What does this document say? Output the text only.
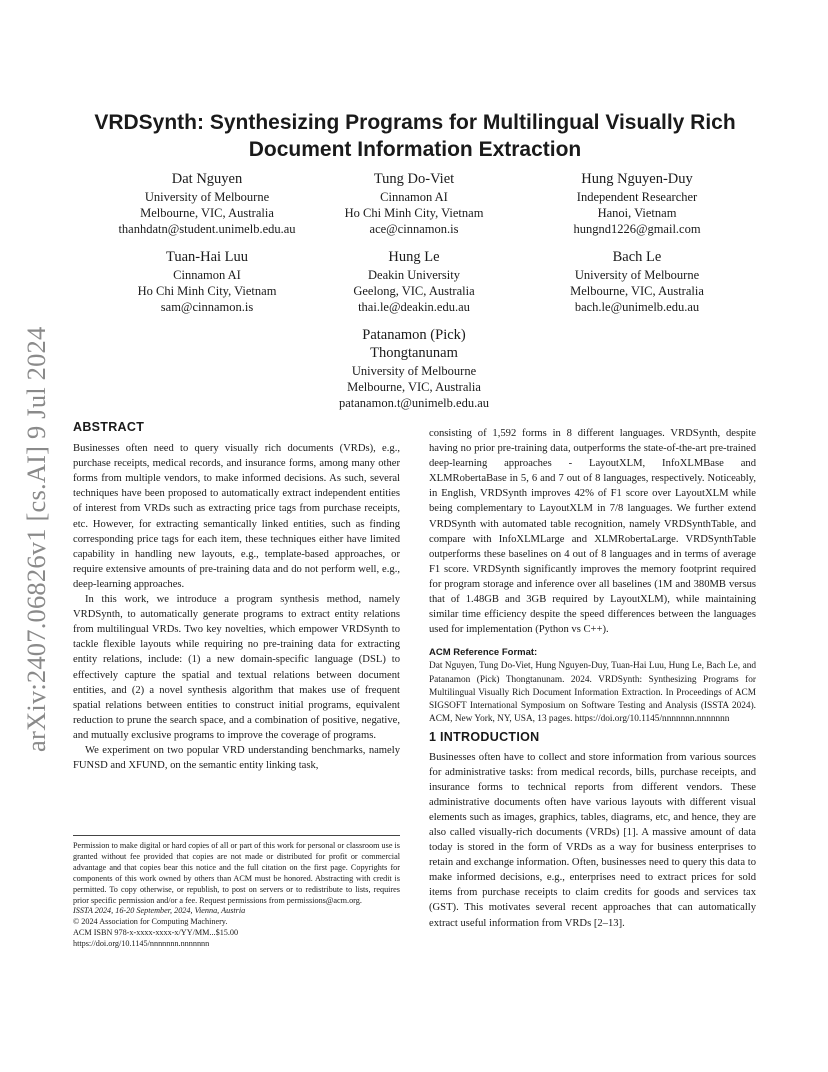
arXiv:2407.06826v1 [cs.AI] 9 Jul 2024
VRDSynth: Synthesizing Programs for Multilingual Visually Rich
Document Information Extraction
Dat Nguyen
University of Melbourne
Melbourne, VIC, Australia
thanhdatn@student.unimelb.edu.au
Tung Do-Viet
Cinnamon AI
Ho Chi Minh City, Vietnam
ace@cinnamon.is
Hung Nguyen-Duy
Independent Researcher
Hanoi, Vietnam
hungnd1226@gmail.com
Tuan-Hai Luu
Cinnamon AI
Ho Chi Minh City, Vietnam
sam@cinnamon.is
Hung Le
Deakin University
Geelong, VIC, Australia
thai.le@deakin.edu.au
Bach Le
University of Melbourne
Melbourne, VIC, Australia
bach.le@unimelb.edu.au
Patanamon (Pick)
Thongtanunam
University of Melbourne
Melbourne, VIC, Australia
patanamon.t@unimelb.edu.au
ABSTRACT

Businesses often need to query visually rich documents (VRDs), e.g., purchase receipts, medical records, and insurance forms, among many other forms from multiple vendors, to make informed decisions. As such, several techniques have been proposed to automatically extract independent entities of interest from VRDs such as extracting price tags from purchase receipts, etc. However, for extracting semantically linked entities, such as finding corresponding price tags for each item, these techniques either have limited capability in handling new layouts, e.g., template-based approaches, or require extensive amounts of pre-training data and do not perform well, e.g., deep-learning approaches.

In this work, we introduce a program synthesis method, namely VRDSynth, to automatically generate programs to extract entity relations from multilingual VRDs. Two key novelties, which empower VRDSynth to tackle flexible layouts while requiring no pre-training data for extracting entity relations, include: (1) a new domain-specific language (DSL) to effectively capture the spatial and textual relations between document entities, and (2) a novel synthesis algorithm that makes use of frequent spatial relations between entities to construct initial programs, equivalent reduction to prune the search space, and a combination of positive, negative, and mutually exclusive programs to improve the coverage of programs.

We experiment on two popular VRD understanding benchmarks, namely FUNSD and XFUND, on the semantic entity linking task,

consisting of 1,592 forms in 8 different languages. VRDSynth, despite having no prior pre-training data, outperforms the state-of-the-art pre-trained deep-learning approaches - LayoutXLM, InfoXLMBase and XLMRobertaBase in 5, 6 and 7 out of 8 languages, respectively. Noticeably, in English, VRDSynth improves 42% of F1 score over LayoutXLM while being complementary to LayoutXLM in 7/8 languages. We further extend VRDSynth with automated table recognition, namely VRDSynthTable, and compare with InfoXLMLarge and XLMRobertaLarge. VRDSynthTable outperforms these baselines on 4 out of 8 languages and in terms of average F1 score. VRDSynth significantly improves the memory footprint required for program storage and inference over all baselines (1M and 380MB versus that of 1.48GB and 3GB required by LayoutXLM), while maintaining similar time efficiency despite the speed differences between the languages used for implementation (Python vs C++).

ACM Reference Format:

Dat Nguyen, Tung Do-Viet, Hung Nguyen-Duy, Tuan-Hai Luu, Hung Le, Bach Le, and Patanamon (Pick) Thongtanunam. 2024. VRDSynth: Synthesizing Programs for Multilingual Visually Rich Document Information Extraction. In Proceedings of ACM SIGSOFT International Symposium on Software Testing and Analysis (ISSTA 2024). ACM, New York, NY, USA, 13 pages. https://doi.org/10.1145/nnnnnnn.nnnnnnn

1 INTRODUCTION

Businesses often have to collect and store information from various sources for administrative tasks: from medical records, bills, purchase receipts, and insurance forms to technical reports from different vendors. These administrative documents often have various layouts with different visual elements such as images, graphics, tables, diagrams, etc, and hence, they are also called visually-rich documents (VRDs) [1]. A massive amount of data today is stored in the form of VRDs as a way for business enterprises to retain and exchange information. Often, businesses need to query this data to make informed decisions, e.g., enterprises need to extract prices for sold items from purchase receipts to claim credits for goods and services tax (GST). This motivates several recent approaches that can automatically extract useful information from VRDs [2–13].

Permission to make digital or hard copies of all or part of this work for personal or classroom use is granted without fee provided that copies are not made or distributed for profit or commercial advantage and that copies bear this notice and the full citation on the first page. Copyrights for components of this work owned by others than ACM must be honored. Abstracting with credit is permitted. To copy otherwise, or republish, to post on servers or to redistribute to lists, requires prior specific permission and/or a fee. Request permissions from permissions@acm.org.

ISSTA 2024, 16-20 September, 2024, Vienna, Austria

© 2024 Association for Computing Machinery.

ACM ISBN 978-x-xxxx-xxxx-x/YY/MM...$15.00

https://doi.org/10.1145/nnnnnnn.nnnnnnn
